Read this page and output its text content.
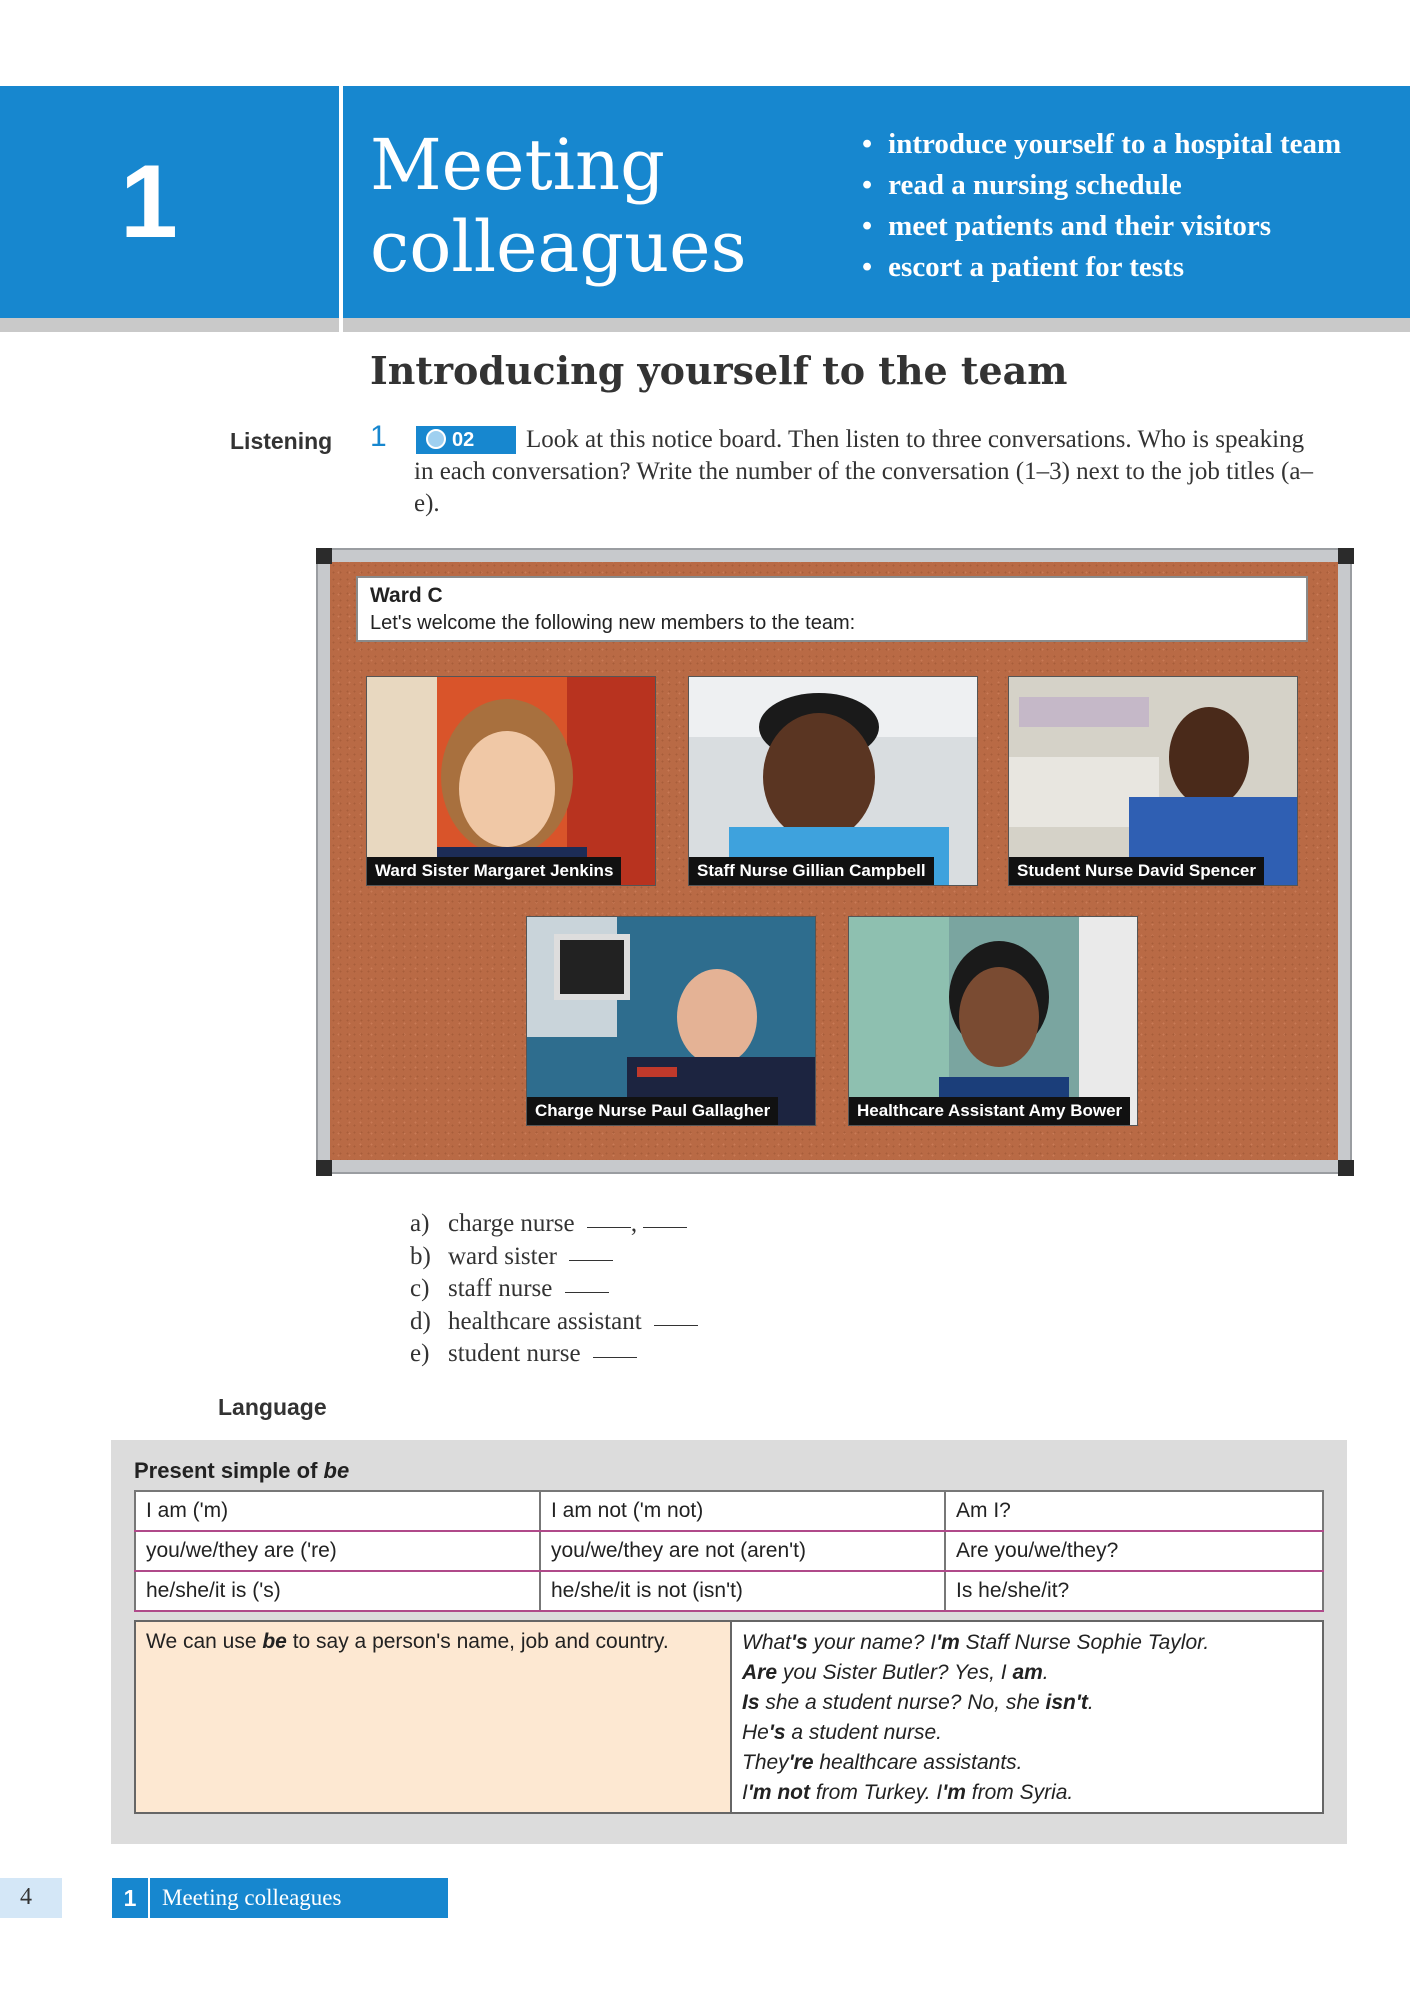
1	Meeting
colleagues
• introduce yourself to a hospital team
• read a nursing schedule
• meet patients and their visitors
• escort a patient for tests
Introducing yourself to the team
Listening 1	Look at this notice board. Then listen to three conversations. Who is speaking in each conversation? Write the number of the conversation (1–3) next to the job titles (a–e).

02
Ward C
Let's welcome the following new members to the team:
Ward Sister Margaret Jenkins	Staff Nurse Gillian Campbell	Student Nurse David Spencer
Charge Nurse Paul Gallagher	Healthcare Assistant Amy Bower
a) charge nurse ,
b) ward sister
c) staff nurse
d) healthcare assistant
e) student nurse
Language
Present simple of be
I am ('m)	I am not ('m not)	Am I?
you/we/they are ('re)	you/we/they are not (aren't)	Are you/we/they?
he/she/it is ('s)	he/she/it is not (isn't)	Is he/she/it?
We can use be to say a person's name, job and country.	What's your name? I'm Staff Nurse Sophie Taylor.
Are you Sister Butler? Yes, I am.
Is she a student nurse? No, she isn't.
He's a student nurse.
They're healthcare assistants.
I'm not from Turkey. I'm from Syria.
4	1	Meeting colleagues
